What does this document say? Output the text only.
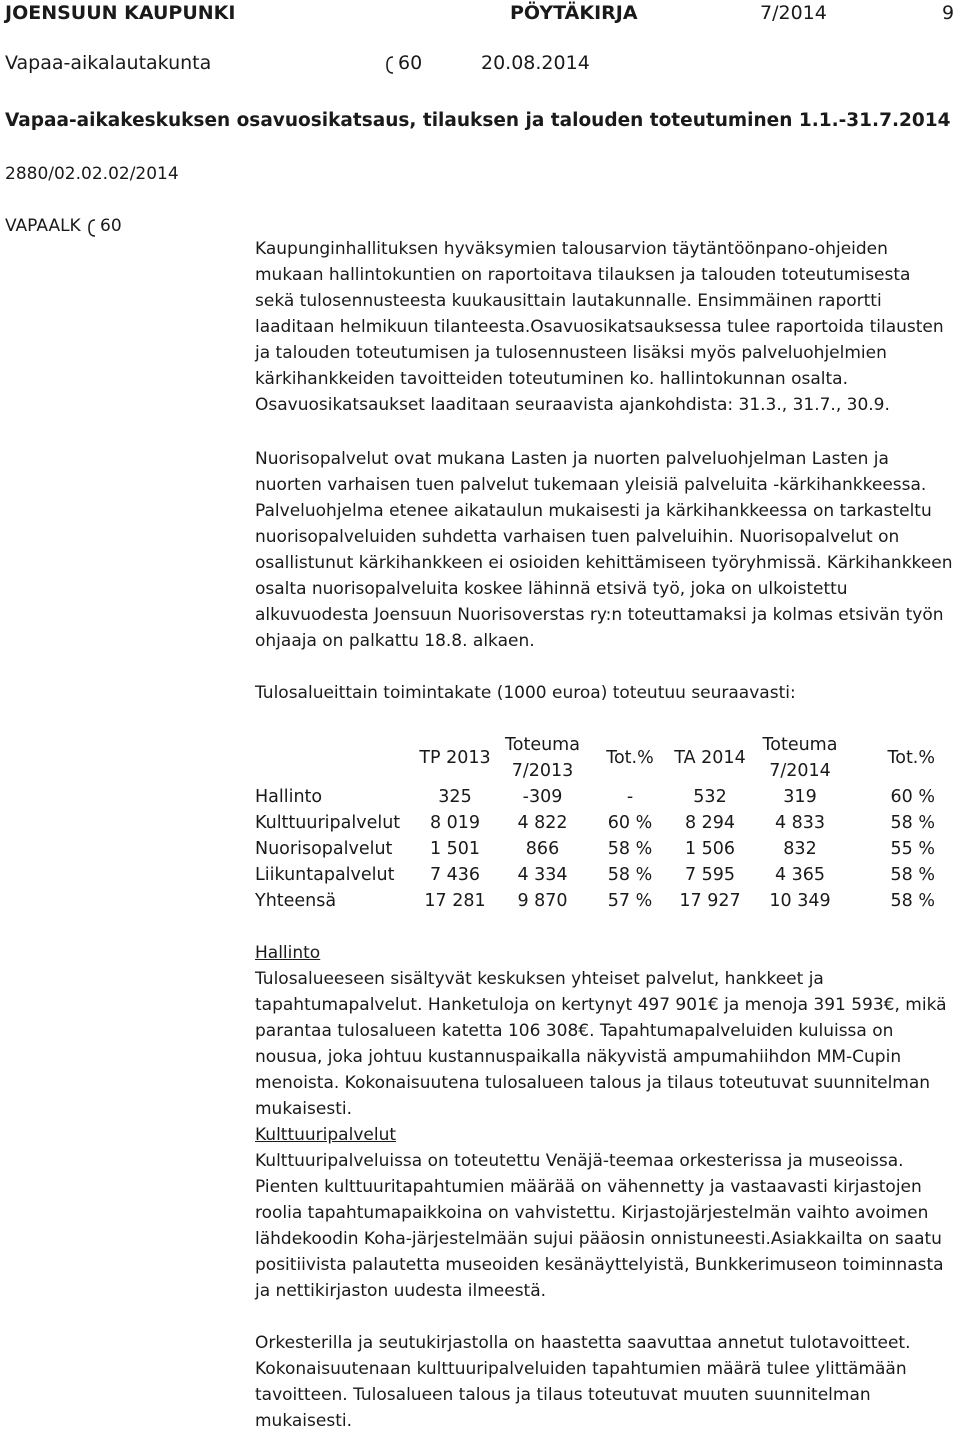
JOENSUUN KAUPUNKI	PÖYTÄKIRJA	7/2014	9
Vapaa-aikalautakunta	60	20.08.2014
Vapaa-aikakeskuksen osavuosikatsaus, tilauksen ja talouden toteutuminen 1.1.-31.7.2014
2880/02.02.02/2014
VAPAALK 60

Kaupunginhallituksen hyväksymien talousarvion täytäntöönpano-ohjeiden mukaan hallintokuntien on raportoitava tilauksen ja talouden toteutumisesta sekä tulosennusteesta kuukausittain lautakunnalle. Ensimmäinen raportti laaditaan helmikuun tilanteesta.Osavuosikatsauksessa tulee raportoida tilausten ja talouden toteutumisen ja tulosennusteen lisäksi myös palveluohjelmien kärkihankkeiden tavoitteiden toteutuminen ko. hallintokunnan osalta. Osavuosikatsaukset laaditaan seuraavista ajankohdista: 31.3., 31.7., 30.9.

Nuorisopalvelut ovat mukana Lasten ja nuorten palveluohjelman Lasten ja nuorten varhaisen tuen palvelut tukemaan yleisiä palveluita -kärkihankkeessa. Palveluohjelma etenee aikataulun mukaisesti ja kärkihankkeessa on tarkasteltu nuorisopalveluiden suhdetta varhaisen tuen palveluihin. Nuorisopalvelut on osallistunut kärkihankkeen ei osioiden kehittämiseen työryhmissä. Kärkihankkeen osalta nuorisopalveluita koskee lähinnä etsivä työ, joka on ulkoistettu alkuvuodesta Joensuun Nuorisoverstas ry:n toteuttamaksi ja kolmas etsivän työn ohjaaja on palkattu 18.8. alkaen.

Tulosalueittain toimintakate (1000 euroa) toteutuu seuraavasti:

	TP 2013	Toteuma 7/2013	Tot.%	TA 2014	Toteuma 7/2014	Tot.%
Hallinto	325	-309	-	532	319	60 %
Kulttuuripalvelut	8 019	4 822	60 %	8 294	4 833	58 %
Nuorisopalvelut	1 501	866	58 %	1 506	832	55 %
Liikuntapalvelut	7 436	4 334	58 %	7 595	4 365	58 %
Yhteensä	17 281	9 870	57 %	17 927	10 349	58 %
Hallinto
Tulosalueeseen sisältyvät keskuksen yhteiset palvelut, hankkeet ja tapahtumapalvelut. Hanketuloja on kertynyt 497 901€ ja menoja 391 593€, mikä parantaa tulosalueen katetta 106 308€. Tapahtumapalveluiden kuluissa on nousua, joka johtuu kustannuspaikalla näkyvistä ampumahiihdon MM-Cupin menoista. Kokonaisuutena tulosalueen talous ja tilaus toteutuvat suunnitelman mukaisesti.
Kulttuuripalvelut
Kulttuuripalveluissa on toteutettu Venäjä-teemaa orkesterissa ja museoissa. Pienten kulttuuritapahtumien määrää on vähennetty ja vastaavasti kirjastojen roolia tapahtumapaikkoina on vahvistettu. Kirjastojärjestelmän vaihto avoimen lähdekoodin Koha-järjestelmään sujui pääosin onnistuneesti.Asiakkailta on saatu positiivista palautetta museoiden kesänäyttelyistä, Bunkkerimuseon toiminnasta ja nettikirjaston uudesta ilmeestä.

Orkesterilla ja seutukirjastolla on haastetta saavuttaa annetut tulotavoitteet. Kokonaisuutenaan kulttuuripalveluiden tapahtumien määrä tulee ylittämään tavoitteen. Tulosalueen talous ja tilaus toteutuvat muuten suunnitelman mukaisesti.
